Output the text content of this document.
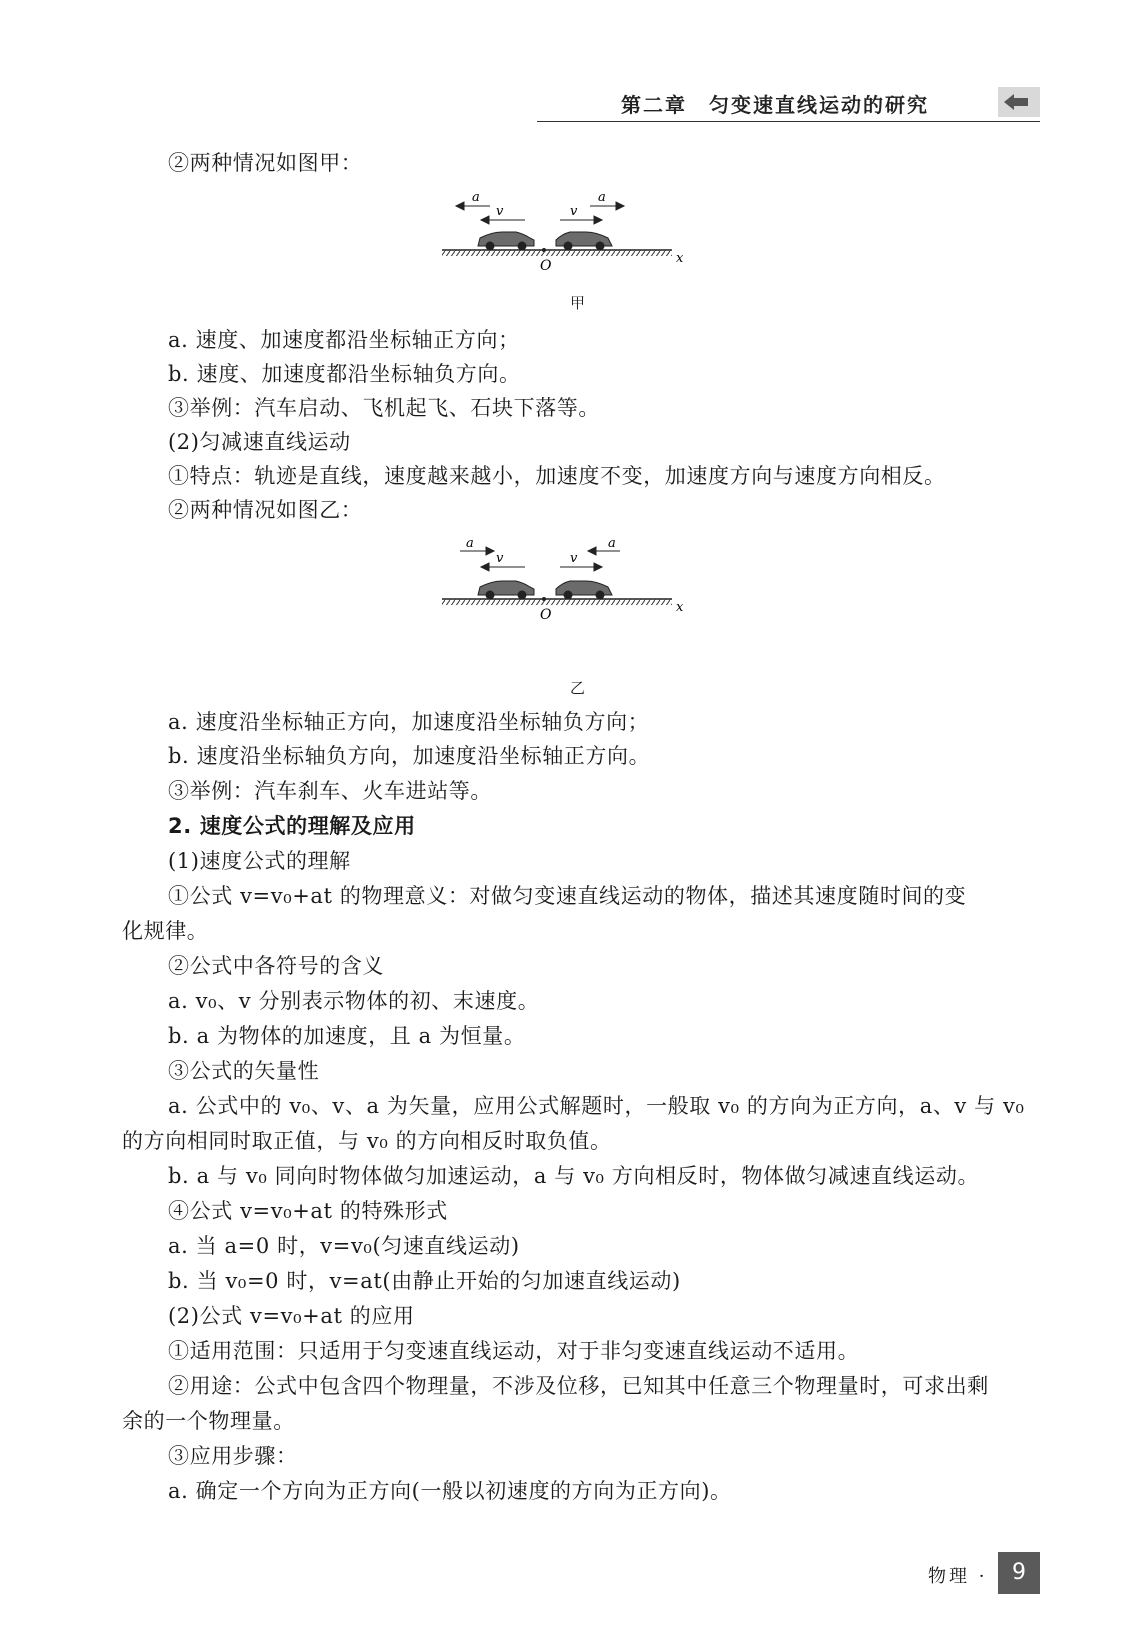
第二章　匀变速直线运动的研究
②两种情况如图甲：
a
v	v
a
O	x
甲
a. 速度、加速度都沿坐标轴正方向；
b. 速度、加速度都沿坐标轴负方向。
③举例：汽车启动、飞机起飞、石块下落等。
(2)匀减速直线运动
①特点：轨迹是直线，速度越来越小，加速度不变，加速度方向与速度方向相反。
②两种情况如图乙：
a
v	v
a
O	x
乙
a. 速度沿坐标轴正方向，加速度沿坐标轴负方向；
b. 速度沿坐标轴负方向，加速度沿坐标轴正方向。
③举例：汽车刹车、火车进站等。
2. 速度公式的理解及应用
(1)速度公式的理解
①公式 v=v₀+at 的物理意义：对做匀变速直线运动的物体，描述其速度随时间的变
化规律。
②公式中各符号的含义
a. v₀、v 分别表示物体的初、末速度。
b. a 为物体的加速度，且 a 为恒量。
③公式的矢量性
a. 公式中的 v₀、v、a 为矢量，应用公式解题时，一般取 v₀ 的方向为正方向，a、v 与 v₀
的方向相同时取正值，与 v₀ 的方向相反时取负值。
b. a 与 v₀ 同向时物体做匀加速运动，a 与 v₀ 方向相反时，物体做匀减速直线运动。
④公式 v=v₀+at 的特殊形式
a. 当 a=0 时，v=v₀(匀速直线运动)
b. 当 v₀=0 时，v=at(由静止开始的匀加速直线运动)
(2)公式 v=v₀+at 的应用
①适用范围：只适用于匀变速直线运动，对于非匀变速直线运动不适用。
②用途：公式中包含四个物理量，不涉及位移，已知其中任意三个物理量时，可求出剩
余的一个物理量。
③应用步骤：
a. 确定一个方向为正方向(一般以初速度的方向为正方向)。
物理 ·	9
